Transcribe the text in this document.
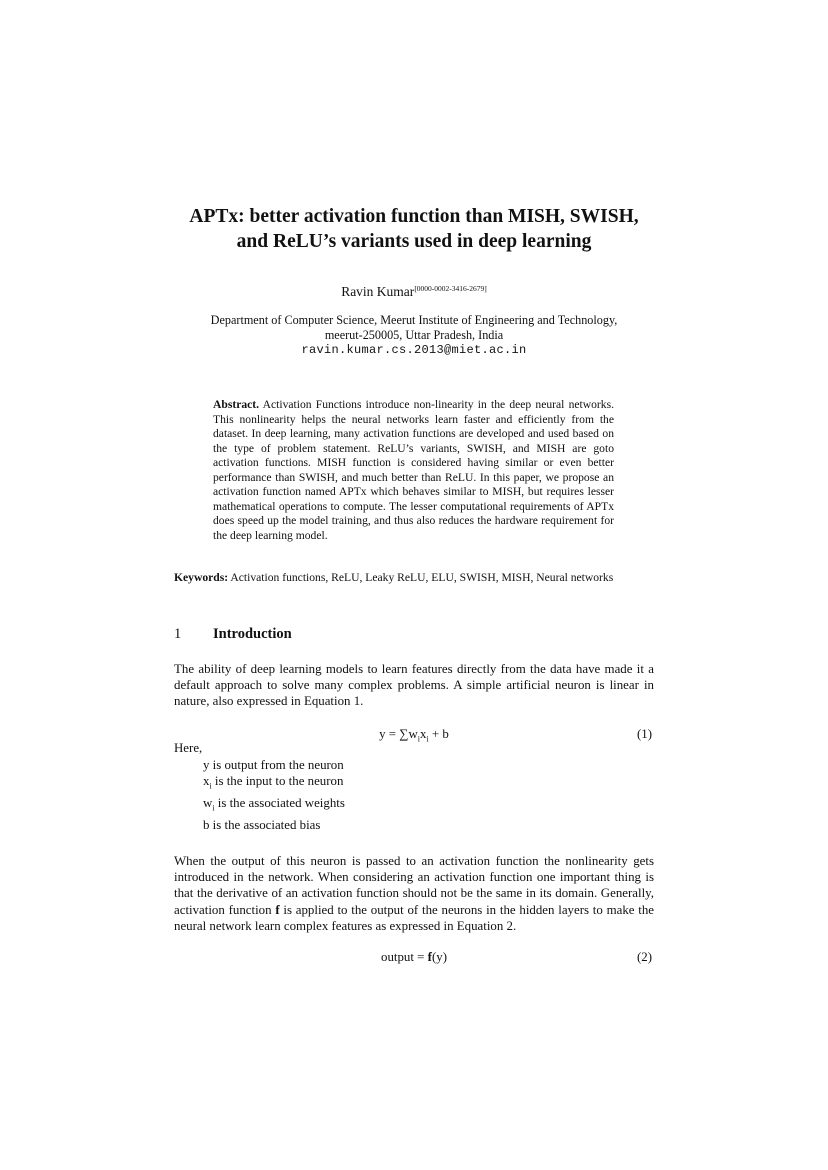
APTx: better activation function than MISH, SWISH,
and ReLU’s variants used in deep learning
Ravin Kumar[0000-0002-3416-2679]
Department of Computer Science, Meerut Institute of Engineering and Technology,
meerut-250005, Uttar Pradesh, India
ravin.kumar.cs.2013@miet.ac.in
Abstract. Activation Functions introduce non-linearity in the deep neural networks. This nonlinearity helps the neural networks learn faster and efficiently from the dataset. In deep learning, many activation functions are developed and used based on the type of problem statement. ReLU’s variants, SWISH, and MISH are goto activation functions. MISH function is considered having similar or even better performance than SWISH, and much better than ReLU. In this paper, we propose an activation function named APTx which behaves similar to MISH, but requires lesser mathematical operations to compute. The lesser computational requirements of APTx does speed up the model training, and thus also reduces the hardware requirement for the deep learning model.
Keywords: Activation functions, ReLU, Leaky ReLU, ELU, SWISH, MISH, Neural networks
1 Introduction
The ability of deep learning models to learn features directly from the data have made it a default approach to solve many complex problems. A simple artificial neuron is linear in nature, also expressed in Equation 1.
$y = \sum w_ix_i + b$	(1)
Here,
y is output from the neuron
$x_i$ is the input to the neuron
$w_i$ is the associated weights
b is the associated bias
When the output of this neuron is passed to an activation function the nonlinearity gets introduced in the network. When considering an activation function one important thing is that the derivative of an activation function should not be the same in its domain. Generally, activation function f is applied to the output of the neurons in the hidden layers to make the neural network learn complex features as expressed in Equation 2.
output = f(y)	(2)
